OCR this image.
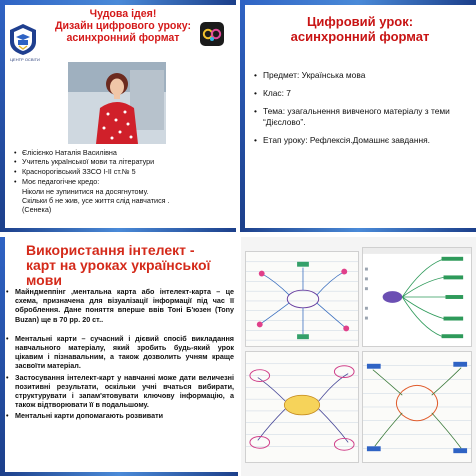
ЦЕНТР ОСВІТИ
Чудова ідея!
Дизайн цифрового уроку:
асинхронний формат
• Єлісієнко Наталія Василівна
• Учитель української мови та літератури
• Краснорогівський ЗЗСО І-ІІ ст.№ 5
• Моє педагогічне кредо:
Ніколи не зупинитися на досягнутому.
Скільки б не жив, усе життя слід навчатися .
(Сенека)
Цифровий урок:
асинхронний формат
• Предмет: Українська мова
• Клас: 7
• Тема: узагальнення вивченого матеріалу з теми “Дієслово”.
• Етап уроку: Рефлексія.Домашнє завдання.
Використання інтелект -
карт на уроках української
мови
• Майндмеппінг ,ментальна карта або інтелект-карта – це схема, призначена для візуалізації інформації під час її оброблення. Дане поняття вперше ввів Тоні Б'юзен (Tony Buzan) ще в 70 рр. 20 ст..
• Ментальні карти – сучасний і дієвий спосіб викладання навчального матеріалу, який зробить будь-який урок цікавим і пізнавальним, а також дозволить учням краще засвоїти матеріал.
• Застосування інтелект-карт у навчанні може дати величезні позитивні результати, оскільки учні вчаться вибирати, структурувати і запам'ятовувати ключову інформацію, а також відтворювати її в подальшому.
• Ментальні карти допомагають розвивати
